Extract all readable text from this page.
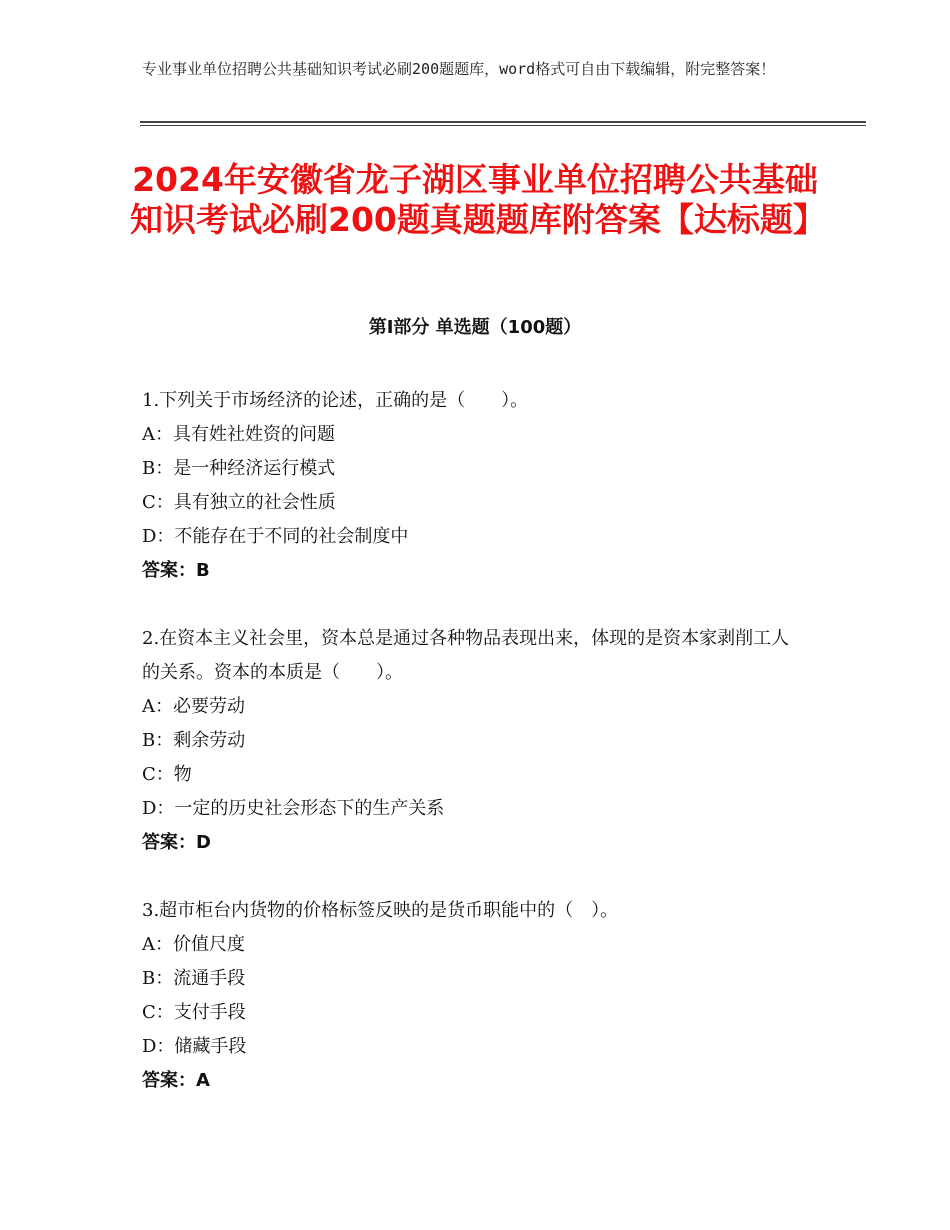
专业事业单位招聘公共基础知识考试必刷200题题库，word格式可自由下载编辑，附完整答案！
2024年安徽省龙子湖区事业单位招聘公共基础知识考试必刷200题真题题库附答案【达标题】
第Ⅰ部分 单选题（100题）
1.下列关于市场经济的论述，正确的是（　　）。
A：具有姓社姓资的问题
B：是一种经济运行模式
C：具有独立的社会性质
D：不能存在于不同的社会制度中
答案：B
2.在资本主义社会里，资本总是通过各种物品表现出来，体现的是资本家剥削工人的关系。资本的本质是（　　）。
A：必要劳动
B：剩余劳动
C：物
D：一定的历史社会形态下的生产关系
答案：D
3.超市柜台内货物的价格标签反映的是货币职能中的（　）。
A：价值尺度
B：流通手段
C：支付手段
D：储藏手段
答案：A
